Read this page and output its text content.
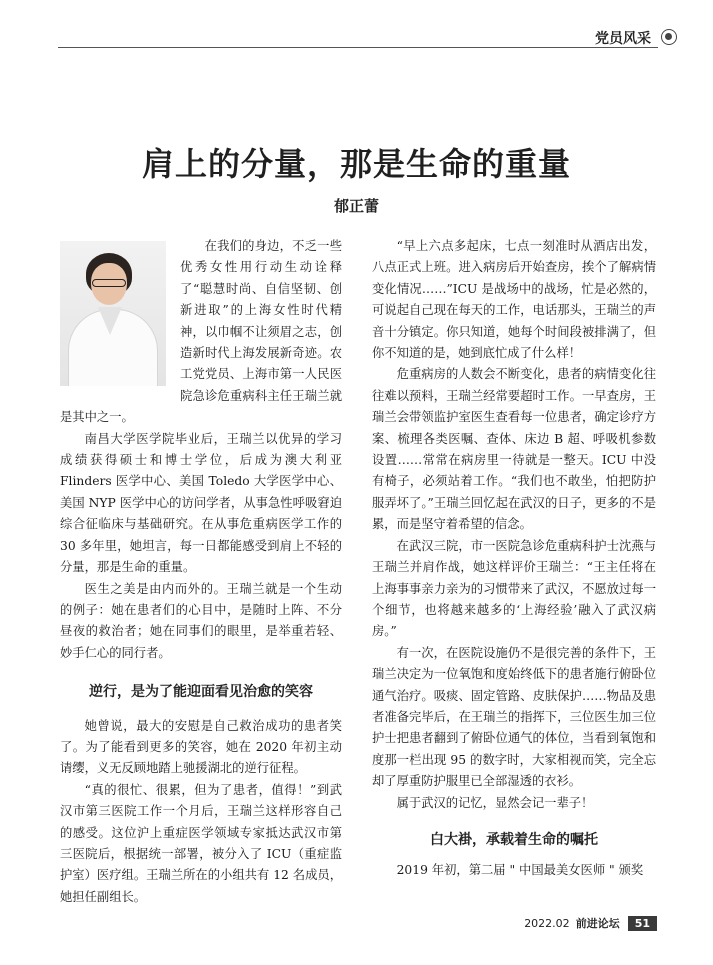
党员风采
肩上的分量，那是生命的重量
郁正蕾

在我们的身边，不乏一些优秀女性用行动生动诠释了“聪慧时尚、自信坚韧、创新进取”的上海女性时代精神，以巾帼不让须眉之志，创造新时代上海发展新奇迹。农工党党员、上海市第一人民医院急诊危重病科主任王瑞兰就是其中之一。

南昌大学医学院毕业后，王瑞兰以优异的学习成绩获得硕士和博士学位，后成为澳大利亚 Flinders 医学中心、美国 Toledo 大学医学中心、美国 NYP 医学中心的访问学者，从事急性呼吸窘迫综合征临床与基础研究。在从事危重病医学工作的 30 多年里，她坦言，每一日都能感受到肩上不轻的分量，那是生命的重量。

医生之美是由内而外的。王瑞兰就是一个生动的例子：她在患者们的心目中，是随时上阵、不分昼夜的救治者；她在同事们的眼里，是举重若轻、妙手仁心的同行者。

逆行，是为了能迎面看见治愈的笑容

她曾说，最大的安慰是自己救治成功的患者笑了。为了能看到更多的笑容，她在 2020 年初主动请缨，义无反顾地踏上驰援湖北的逆行征程。

“真的很忙、很累，但为了患者，值得！”到武汉市第三医院工作一个月后，王瑞兰这样形容自己的感受。这位沪上重症医学领域专家抵达武汉市第三医院后，根据统一部署，被分入了 ICU（重症监护室）医疗组。王瑞兰所在的小组共有 12 名成员，她担任副组长。

“早上六点多起床，七点一刻准时从酒店出发，八点正式上班。进入病房后开始查房，挨个了解病情变化情况……”ICU 是战场中的战场，忙是必然的，可说起自己现在每天的工作，电话那头，王瑞兰的声音十分镇定。你只知道，她每个时间段被排满了，但你不知道的是，她到底忙成了什么样！

危重病房的人数会不断变化，患者的病情变化往往难以预料，王瑞兰经常要超时工作。一早查房，王瑞兰会带领监护室医生查看每一位患者，确定诊疗方案、梳理各类医嘱、查体、床边 B 超、呼吸机参数设置……常常在病房里一待就是一整天。ICU 中没有椅子，必须站着工作。“我们也不敢坐，怕把防护服弄坏了。”王瑞兰回忆起在武汉的日子，更多的不是累，而是坚守着希望的信念。

在武汉三院，市一医院急诊危重病科护士沈燕与王瑞兰并肩作战，她这样评价王瑞兰：“王主任将在上海事事亲力亲为的习惯带来了武汉，不愿放过每一个细节，也将越来越多的‘上海经验’融入了武汉病房。”

有一次，在医院设施仍不是很完善的条件下，王瑞兰决定为一位氧饱和度始终低下的患者施行俯卧位通气治疗。吸痰、固定管路、皮肤保护……物品及患者准备完毕后，在王瑞兰的指挥下，三位医生加三位护士把患者翻到了俯卧位通气的体位，当看到氧饱和度那一栏出现 95 的数字时，大家相视而笑，完全忘却了厚重防护服里已全部湿透的衣衫。

属于武汉的记忆，显然会记一辈子！

白大褂，承载着生命的嘱托

2019 年初，第二届 " 中国最美女医师 " 颁奖

2022.02 前进论坛	51
